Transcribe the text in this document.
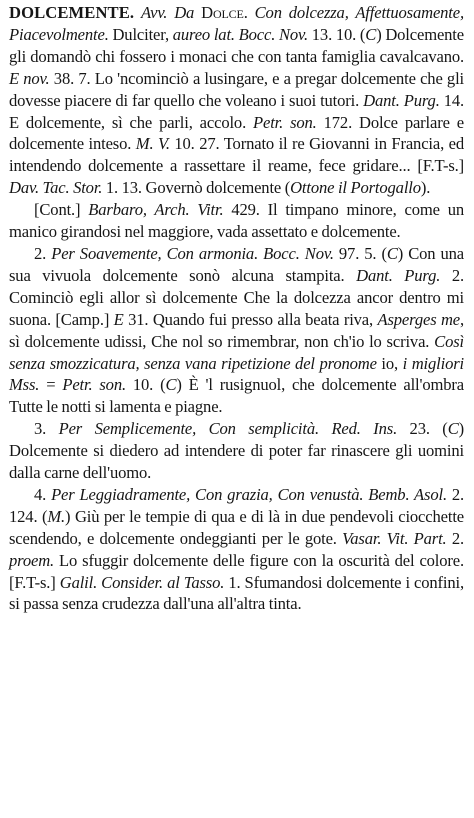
DOLCEMENTE. Avv. Da Dolce. Con dolcezza, Affettuosamente, Piacevolmente. Dulciter, aureo lat. Bocc. Nov. 13. 10. (C) Dolcemente gli domandò chi fossero i monaci che con tanta famiglia cavalcavano. E nov. 38. 7. Lo 'ncominciò a lusingare, e a pregar dolcemente che gli dovesse piacere di far quello che voleano i suoi tutori. Dant. Purg. 14. E dolcemente, sì che parli, accolo. Petr. son. 172. Dolce parlare e dolcemente inteso. M. V. 10. 27. Tornato il re Giovanni in Francia, ed intendendo dolcemente a rassettare il reame, fece gridare... [F.T-s.] Dav. Tac. Stor. 1. 13. Governò dolcemente (Ottone il Portogallo).

[Cont.] Barbaro, Arch. Vitr. 429. Il timpano minore, come un manico girandosi nel maggiore, vada assettato e dolcemente.

2. Per Soavemente, Con armonia. Bocc. Nov. 97. 5. (C) Con una sua vivuola dolcemente sonò alcuna stampita. Dant. Purg. 2. Cominciò egli allor sì dolcemente Che la dolcezza ancor dentro mi suona. [Camp.] E 31. Quando fui presso alla beata riva, Asperges me, sì dolcemente udissi, Che nol so rimembrar, non ch'io lo scriva. Così senza smozzicatura, senza vana ripetizione del pronome io, i migliori Mss. = Petr. son. 10. (C) È 'l rusignuol, che dolcemente all'ombra Tutte le notti si lamenta e piagne.

3. Per Semplicemente, Con semplicità. Red. Ins. 23. (C) Dolcemente si diedero ad intendere di poter far rinascere gli uomini dalla carne dell'uomo.

4. Per Leggiadramente, Con grazia, Con venustà. Bemb. Asol. 2. 124. (M.) Giù per le tempie di qua e di là in due pendevoli ciocchette scendendo, e dolcemente ondeggianti per le gote. Vasar. Vit. Part. 2. proem. Lo sfuggir dolcemente delle figure con la oscurità del colore. [F.T-s.] Galil. Consider. al Tasso. 1. Sfumandosi dolcemente i confini, si passa senza crudezza dall'una all'altra tinta.
